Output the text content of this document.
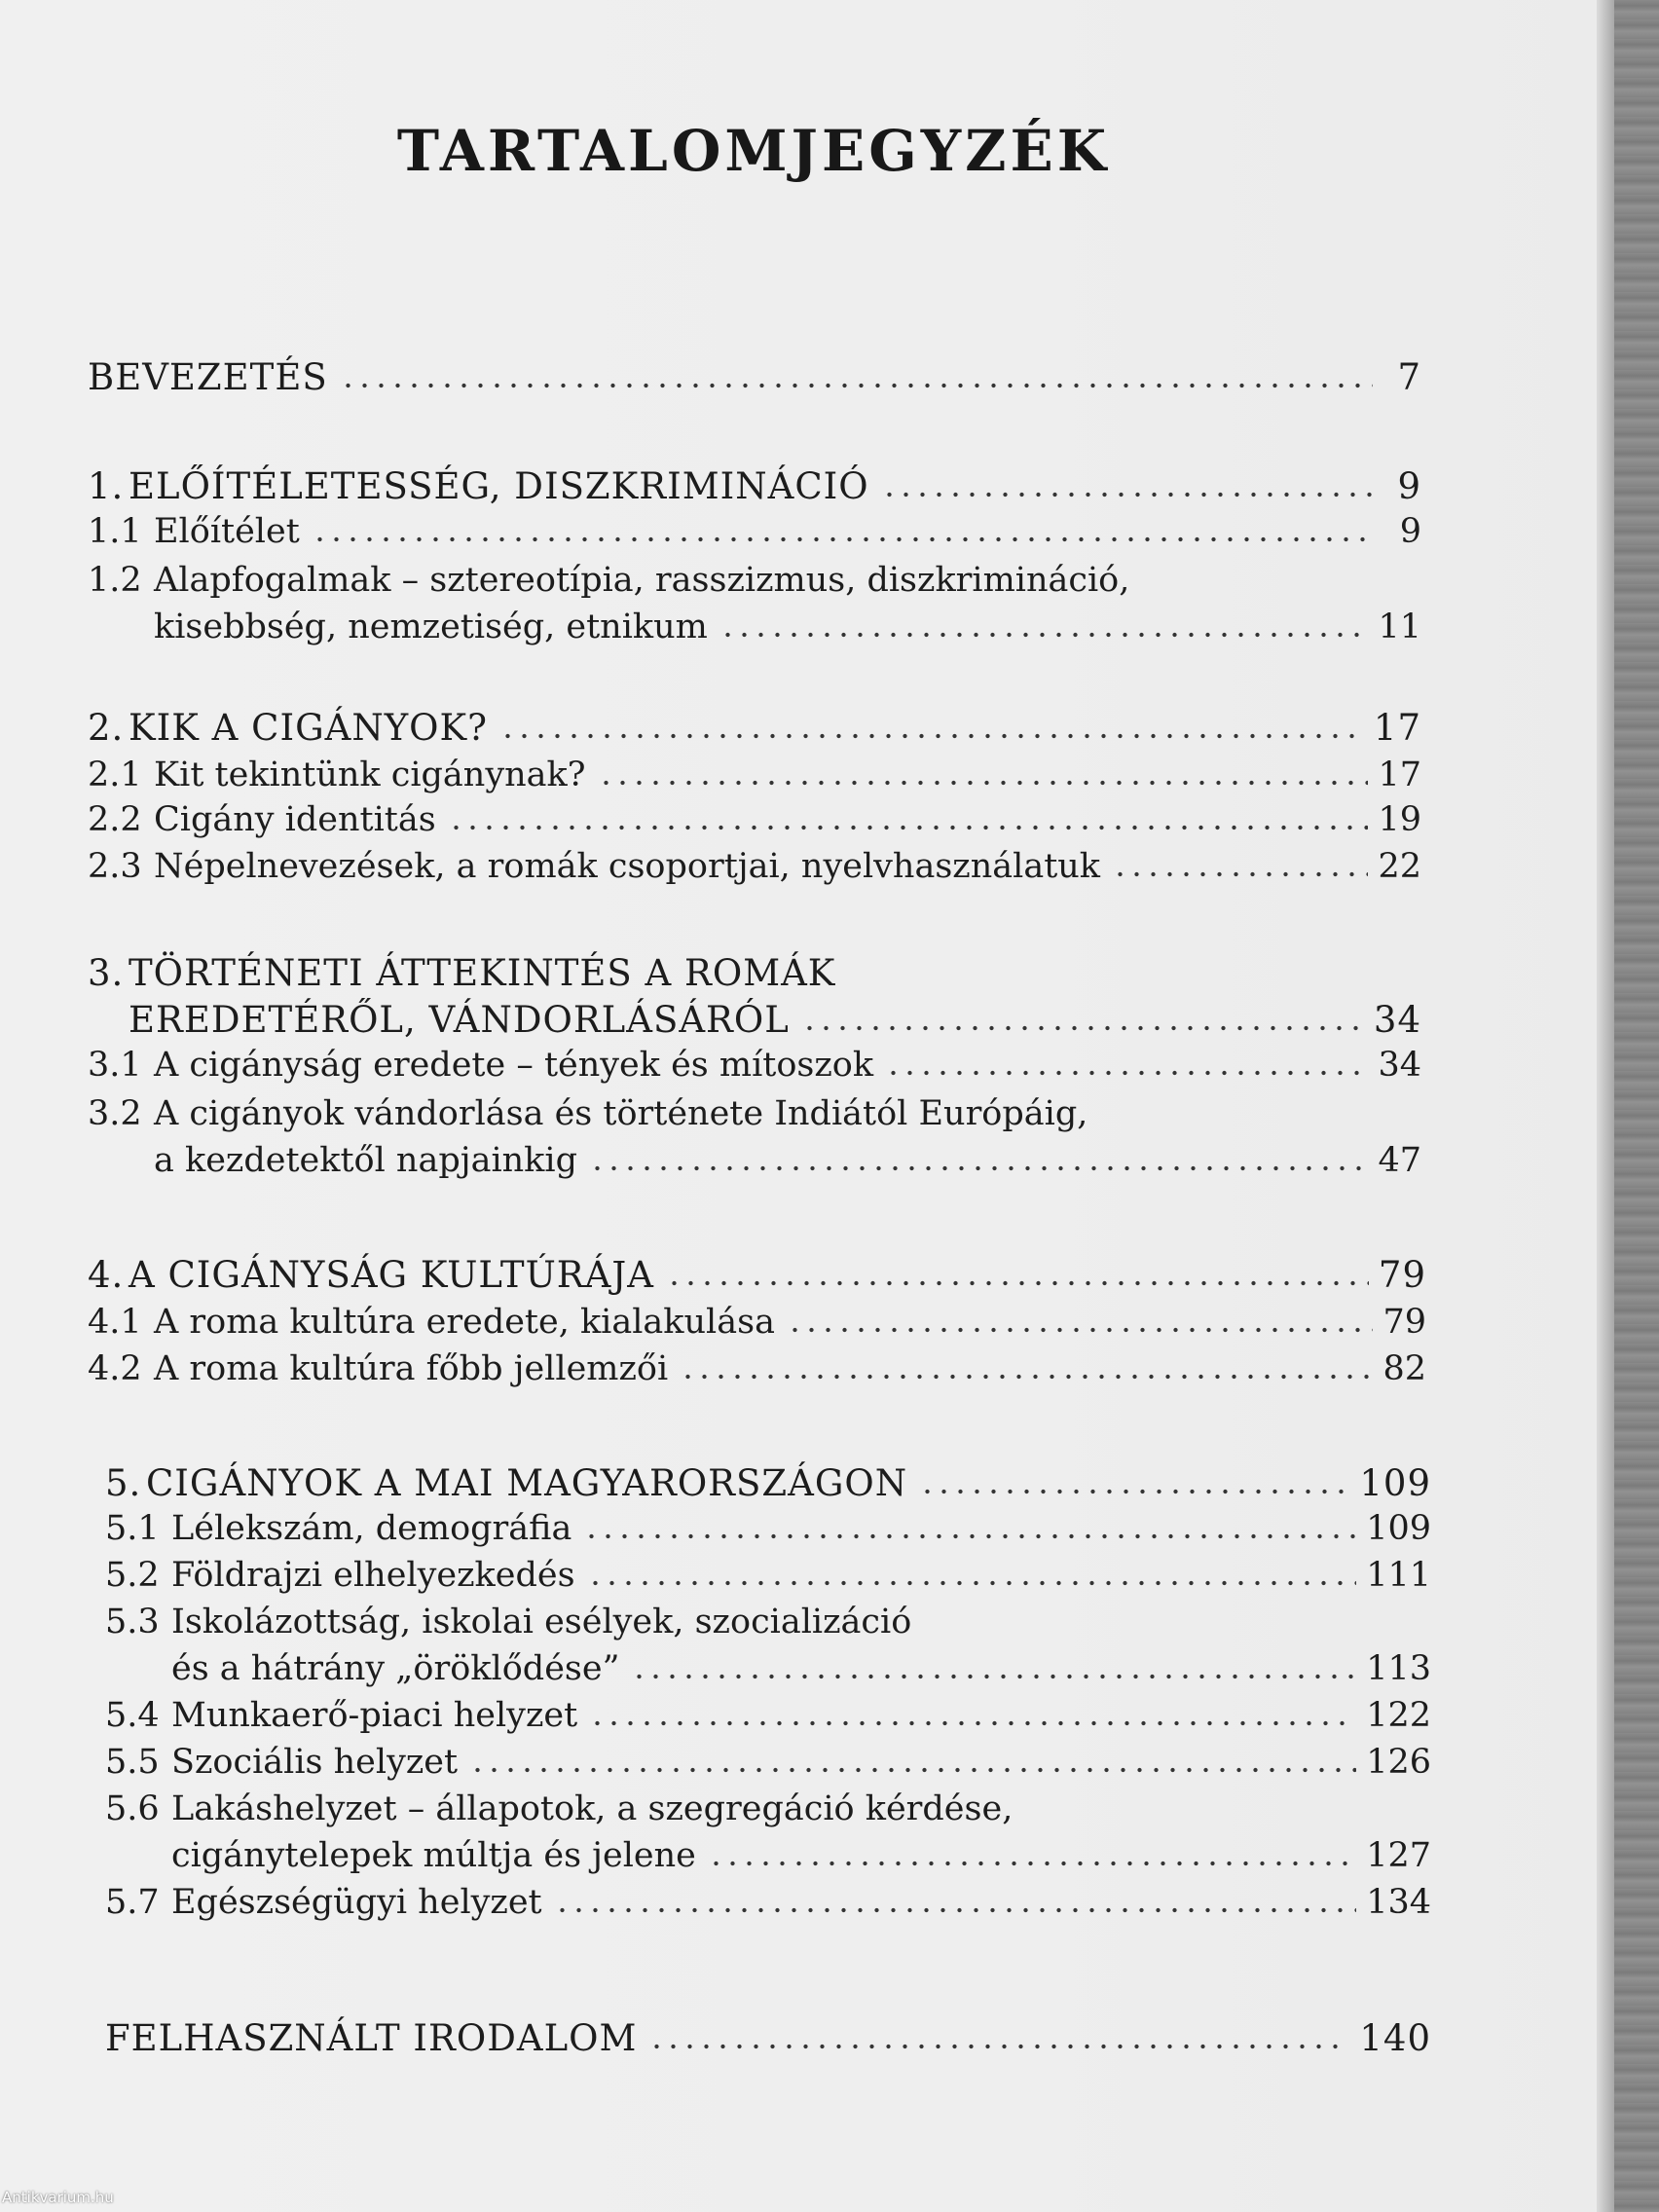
TARTALOMJEGYZÉK
BEVEZETÉS	7
1. ELŐÍTÉLETESSÉG, DISZKRIMINÁCIÓ	9
1.1 Előítélet	9
1.2 Alapfogalmak – sztereotípia, rasszizmus, diszkrimináció,
kisebbség, nemzetiség, etnikum	11
2. KIK A CIGÁNYOK?	17
2.1 Kit tekintünk cigánynak?	17
2.2 Cigány identitás	19
2.3 Népelnevezések, a romák csoportjai, nyelvhasználatuk	22
3. TÖRTÉNETI ÁTTEKINTÉS A ROMÁK
EREDETÉRŐL, VÁNDORLÁSÁRÓL	34
3.1 A cigányság eredete – tények és mítoszok	34
3.2 A cigányok vándorlása és története Indiától Európáig,
a kezdetektől napjainkig	47
4. A CIGÁNYSÁG KULTÚRÁJA	79
4.1 A roma kultúra eredete, kialakulása	79
4.2 A roma kultúra főbb jellemzői	82
5. CIGÁNYOK A MAI MAGYARORSZÁGON	109
5.1 Lélekszám, demográfia	109
5.2 Földrajzi elhelyezkedés	111
5.3 Iskolázottság, iskolai esélyek, szocializáció
és a hátrány „öröklődése”	113
5.4 Munkaerő-piaci helyzet	122
5.5 Szociális helyzet	126
5.6 Lakáshelyzet – állapotok, a szegregáció kérdése,
cigánytelepek múltja és jelene	127
5.7 Egészségügyi helyzet	134
FELHASZNÁLT IRODALOM	140
Antikvarium.hu
